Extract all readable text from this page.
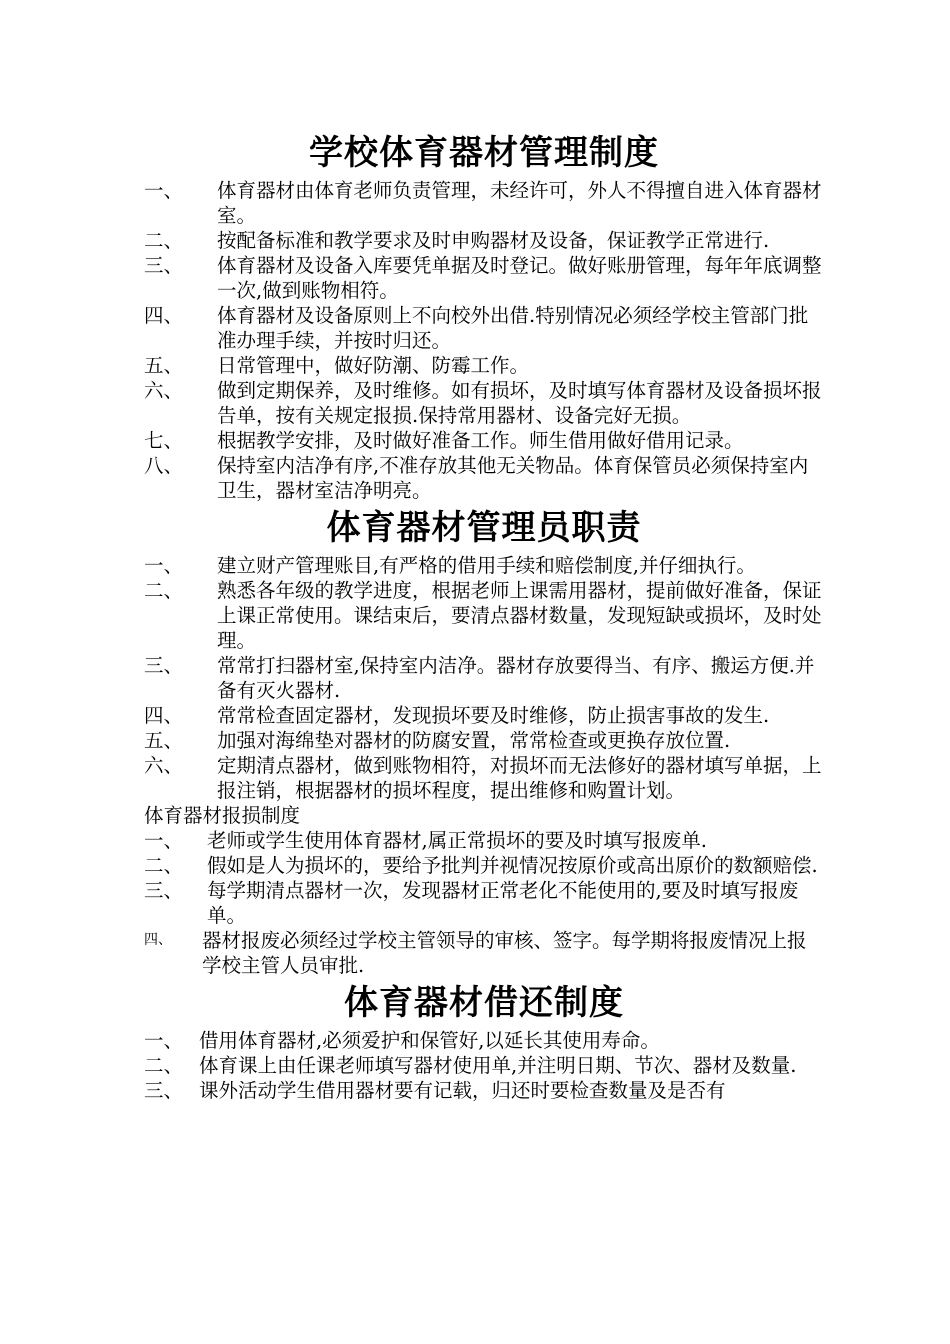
学校体育器材管理制度
一、	体育器材由体育老师负责管理，未经许可，外人不得擅自进入体育器材室。
二、	按配备标准和教学要求及时申购器材及设备，保证教学正常进行.
三、	体育器材及设备入库要凭单据及时登记。做好账册管理，每年年底调整一次,做到账物相符。
四、	体育器材及设备原则上不向校外出借.特别情况必须经学校主管部门批准办理手续，并按时归还。
五、	日常管理中，做好防潮、防霉工作。
六、	做到定期保养，及时维修。如有损坏，及时填写体育器材及设备损坏报告单，按有关规定报损.保持常用器材、设备完好无损。
七、	根据教学安排，及时做好准备工作。师生借用做好借用记录。
八、	保持室内洁净有序,不准存放其他无关物品。体育保管员必须保持室内卫生，器材室洁净明亮。
体育器材管理员职责
一、	建立财产管理账目,有严格的借用手续和赔偿制度,并仔细执行。
二、	熟悉各年级的教学进度，根据老师上课需用器材，提前做好准备，保证上课正常使用。课结束后，要清点器材数量，发现短缺或损坏，及时处理。
三、	常常打扫器材室,保持室内洁净。器材存放要得当、有序、搬运方便.并备有灭火器材.
四、	常常检查固定器材，发现损坏要及时维修，防止损害事故的发生.
五、	加强对海绵垫对器材的防腐安置，常常检查或更换存放位置.
六、	定期清点器材，做到账物相符，对损坏而无法修好的器材填写单据，上报注销，根据器材的损坏程度，提出维修和购置计划。

体育器材报损制度

一、	老师或学生使用体育器材,属正常损坏的要及时填写报废单.
二、	假如是人为损坏的，要给予批判并视情况按原价或高出原价的数额赔偿.
三、	每学期清点器材一次，发现器材正常老化不能使用的,要及时填写报废单。
四、	器材报废必须经过学校主管领导的审核、签字。每学期将报废情况上报学校主管人员审批.
体育器材借还制度
一、 借用体育器材,必须爱护和保管好,以延长其使用寿命。
二、 体育课上由任课老师填写器材使用单,并注明日期、节次、器材及数量.
三、 课外活动学生借用器材要有记载，归还时要检查数量及是否有
